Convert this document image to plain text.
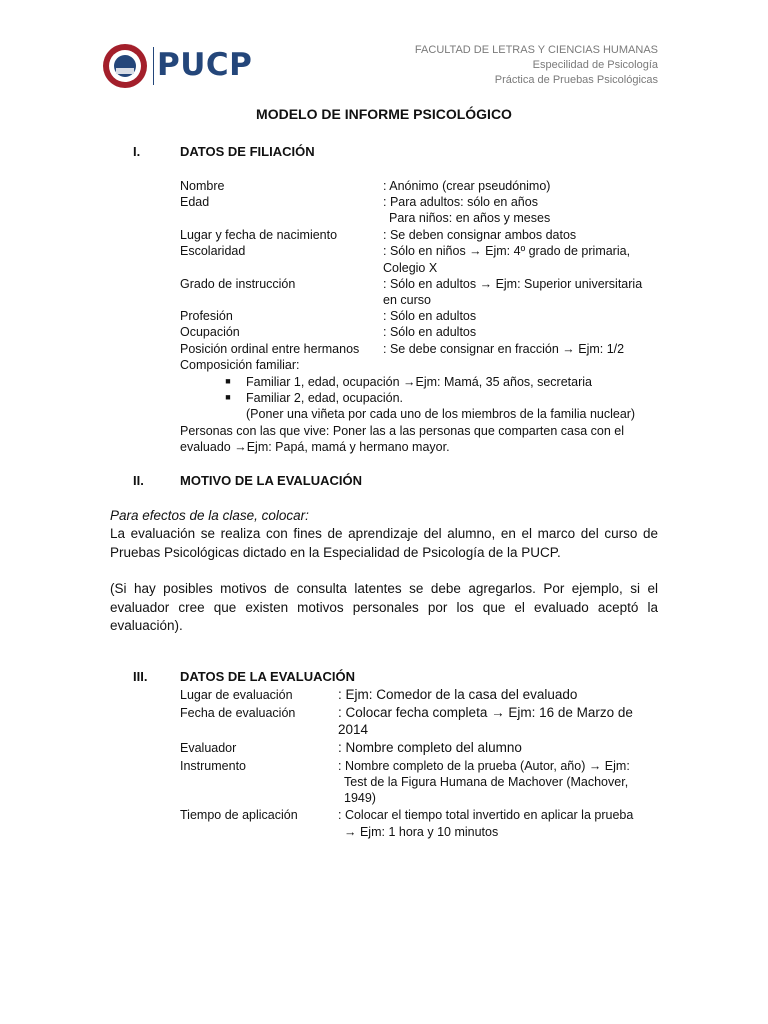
PUCP	FACULTAD DE LETRAS Y CIENCIAS HUMANAS
Especilidad de Psicología
Práctica de Pruebas Psicológicas
MODELO DE INFORME PSICOLÓGICO
I.	DATOS DE FILIACIÓN
Nombre	: Anónimo (crear pseudónimo)
Edad	: Para adultos: sólo en años
Para niños: en años y meses
Lugar y fecha de nacimiento	: Se deben consignar ambos datos
Escolaridad	: Sólo en niños → Ejm: 4º grado de primaria,
Colegio X
Grado de instrucción	: Sólo en adultos → Ejm: Superior universitaria
en curso
Profesión	: Sólo en adultos
Ocupación	: Sólo en adultos
Posición ordinal entre hermanos	: Se debe consignar en fracción → Ejm: 1/2
Composición familiar:
■ Familiar 1, edad, ocupación →Ejm: Mamá, 35 años, secretaria
■ Familiar 2, edad, ocupación.
(Poner una viñeta por cada uno de los miembros de la familia nuclear)
Personas con las que vive: Poner las a las personas que comparten casa con el
evaluado →Ejm: Papá, mamá y hermano mayor.
II.	MOTIVO DE LA EVALUACIÓN
Para efectos de la clase, colocar:
La evaluación se realiza con fines de aprendizaje del alumno, en el marco del curso de Pruebas Psicológicas dictado en la Especialidad de Psicología de la PUCP.
(Si hay posibles motivos de consulta latentes se debe agregarlos. Por ejemplo, si el evaluador cree que existen motivos personales por los que el evaluado aceptó la evaluación).
III.	DATOS DE LA EVALUACIÓN
Lugar de evaluación	: Ejm: Comedor de la casa del evaluado
Fecha de evaluación	: Colocar fecha completa → Ejm: 16 de Marzo de
2014
Evaluador	: Nombre completo del alumno
Instrumento	: Nombre completo de la prueba (Autor, año) → Ejm:
Test de la Figura Humana de Machover (Machover,
1949)
Tiempo de aplicación	: Colocar el tiempo total invertido en aplicar la prueba
→ Ejm: 1 hora y 10 minutos
